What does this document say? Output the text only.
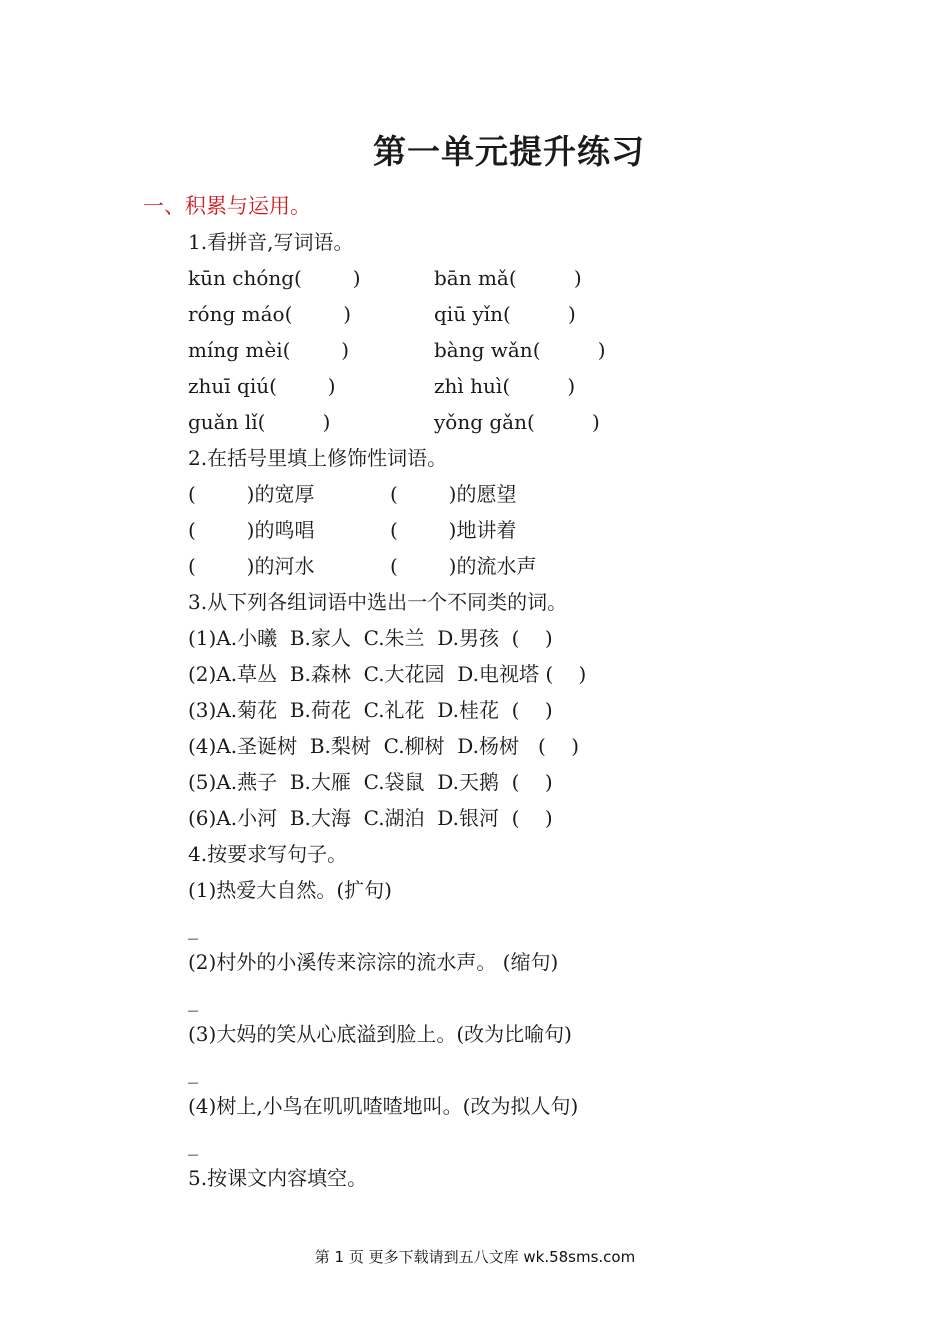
第一单元提升练习
一、积累与运用。
1.看拼音,写词语。
kūn chóng(        )	bān mǎ(         )
róng máo(        )	qiū yǐn(         )
míng mèi(        )	bàng wǎn(         )
zhuī qiú(        )	zhì huì(         )
guǎn lǐ(         )	yǒng gǎn(         )
2.在括号里填上修饰性词语。
(        )的宽厚	(        )的愿望
(        )的鸣唱	(        )地讲着
(        )的河水	(        )的流水声
3.从下列各组词语中选出一个不同类的词。
(1)A.小曦  B.家人  C.朱兰  D.男孩  (    )
(2)A.草丛  B.森林  C.大花园  D.电视塔 (    )
(3)A.菊花  B.荷花  C.礼花  D.桂花  (    )
(4)A.圣诞树  B.梨树  C.柳树  D.杨树   (    )
(5)A.燕子  B.大雁  C.袋鼠  D.天鹅  (    )
(6)A.小河  B.大海  C.湖泊  D.银河  (    )
4.按要求写句子。
(1)热爱大自然。(扩句)
_
(2)村外的小溪传来淙淙的流水声。 (缩句)
_
(3)大妈的笑从心底溢到脸上。(改为比喻句)
_
(4)树上,小鸟在叽叽喳喳地叫。(改为拟人句)
_
5.按课文内容填空。
第 1 页 更多下载请到五八文库 wk.58sms.com
